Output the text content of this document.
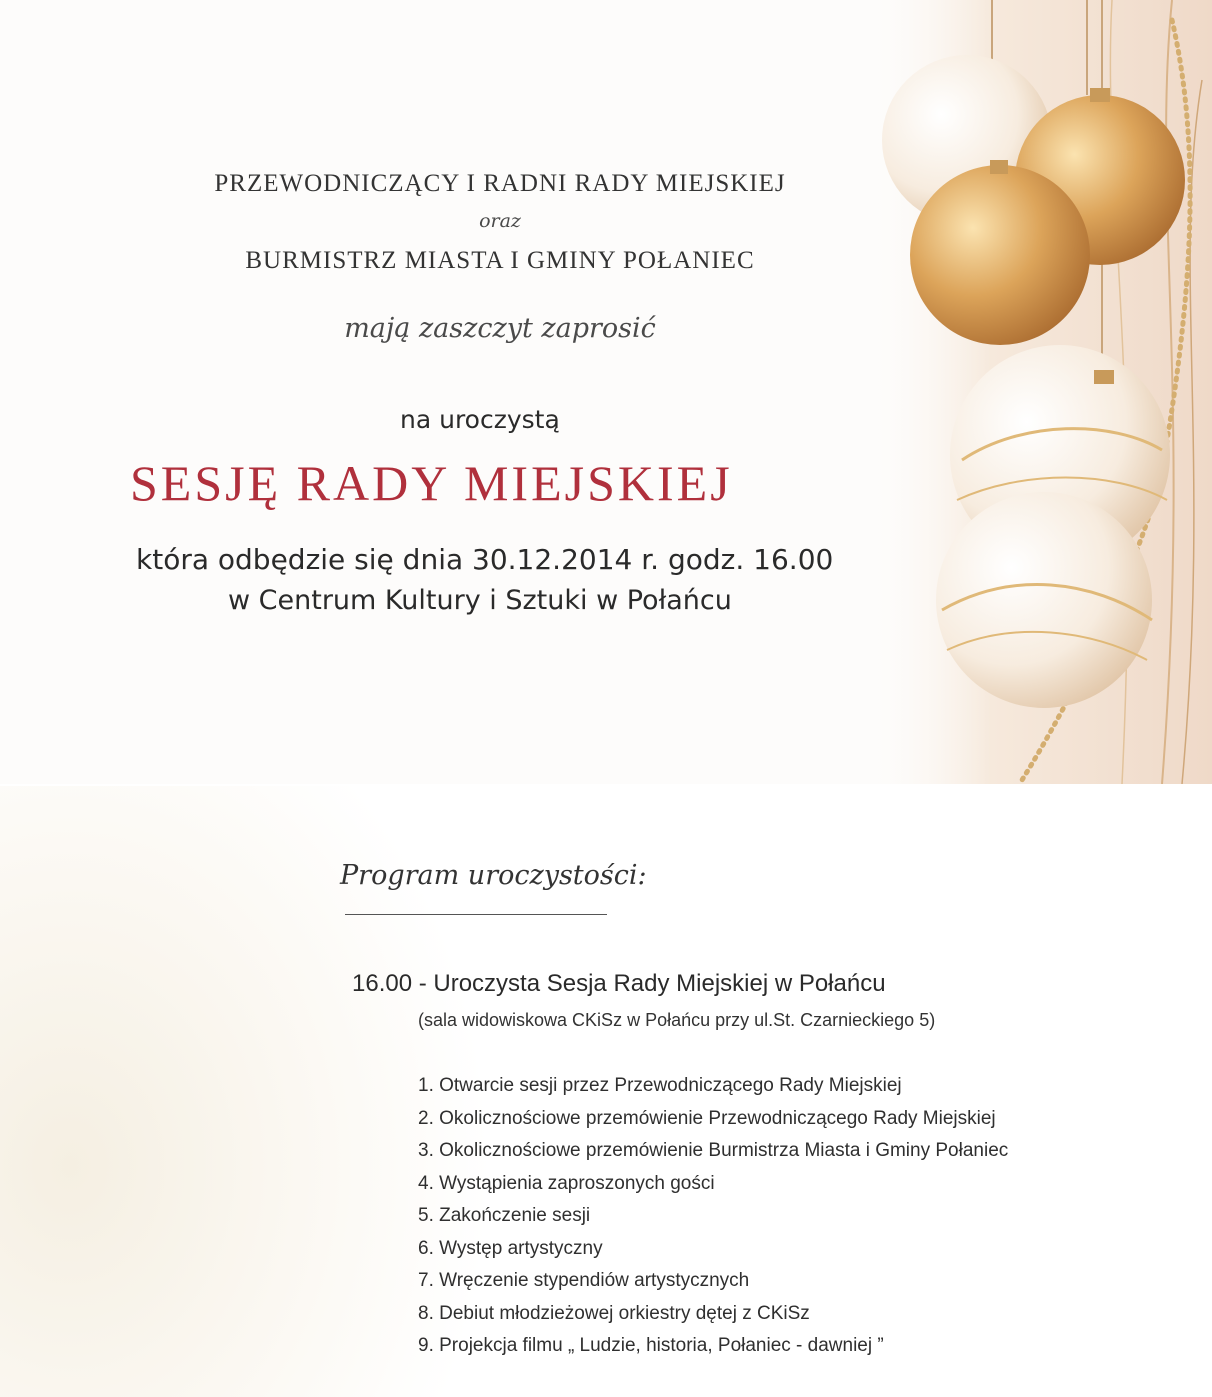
PRZEWODNICZĄCY I RADNI RADY MIEJSKIEJ

oraz

BURMISTRZ MIASTA I GMINY POŁANIEC

mają zaszczyt zaprosić

na uroczystą

SESJĘ RADY MIEJSKIEJ

która odbędzie się dnia 30.12.2014 r. godz. 16.00

w Centrum Kultury i Sztuki w Połańcu

Program uroczystości:

16.00 - Uroczysta Sesja Rady Miejskiej w Połańcu

(sala widowiskowa CKiSz w Połańcu przy ul.St. Czarnieckiego 5)

1. Otwarcie sesji przez Przewodniczącego Rady Miejskiej
2. Okolicznościowe przemówienie Przewodniczącego Rady Miejskiej
3. Okolicznościowe przemówienie Burmistrza Miasta i Gminy Połaniec
4. Wystąpienia zaproszonych gości
5. Zakończenie sesji
6. Występ artystyczny
7. Wręczenie stypendiów artystycznych
8. Debiut młodzieżowej orkiestry dętej z CKiSz
9. Projekcja filmu „ Ludzie, historia, Połaniec - dawniej ”
